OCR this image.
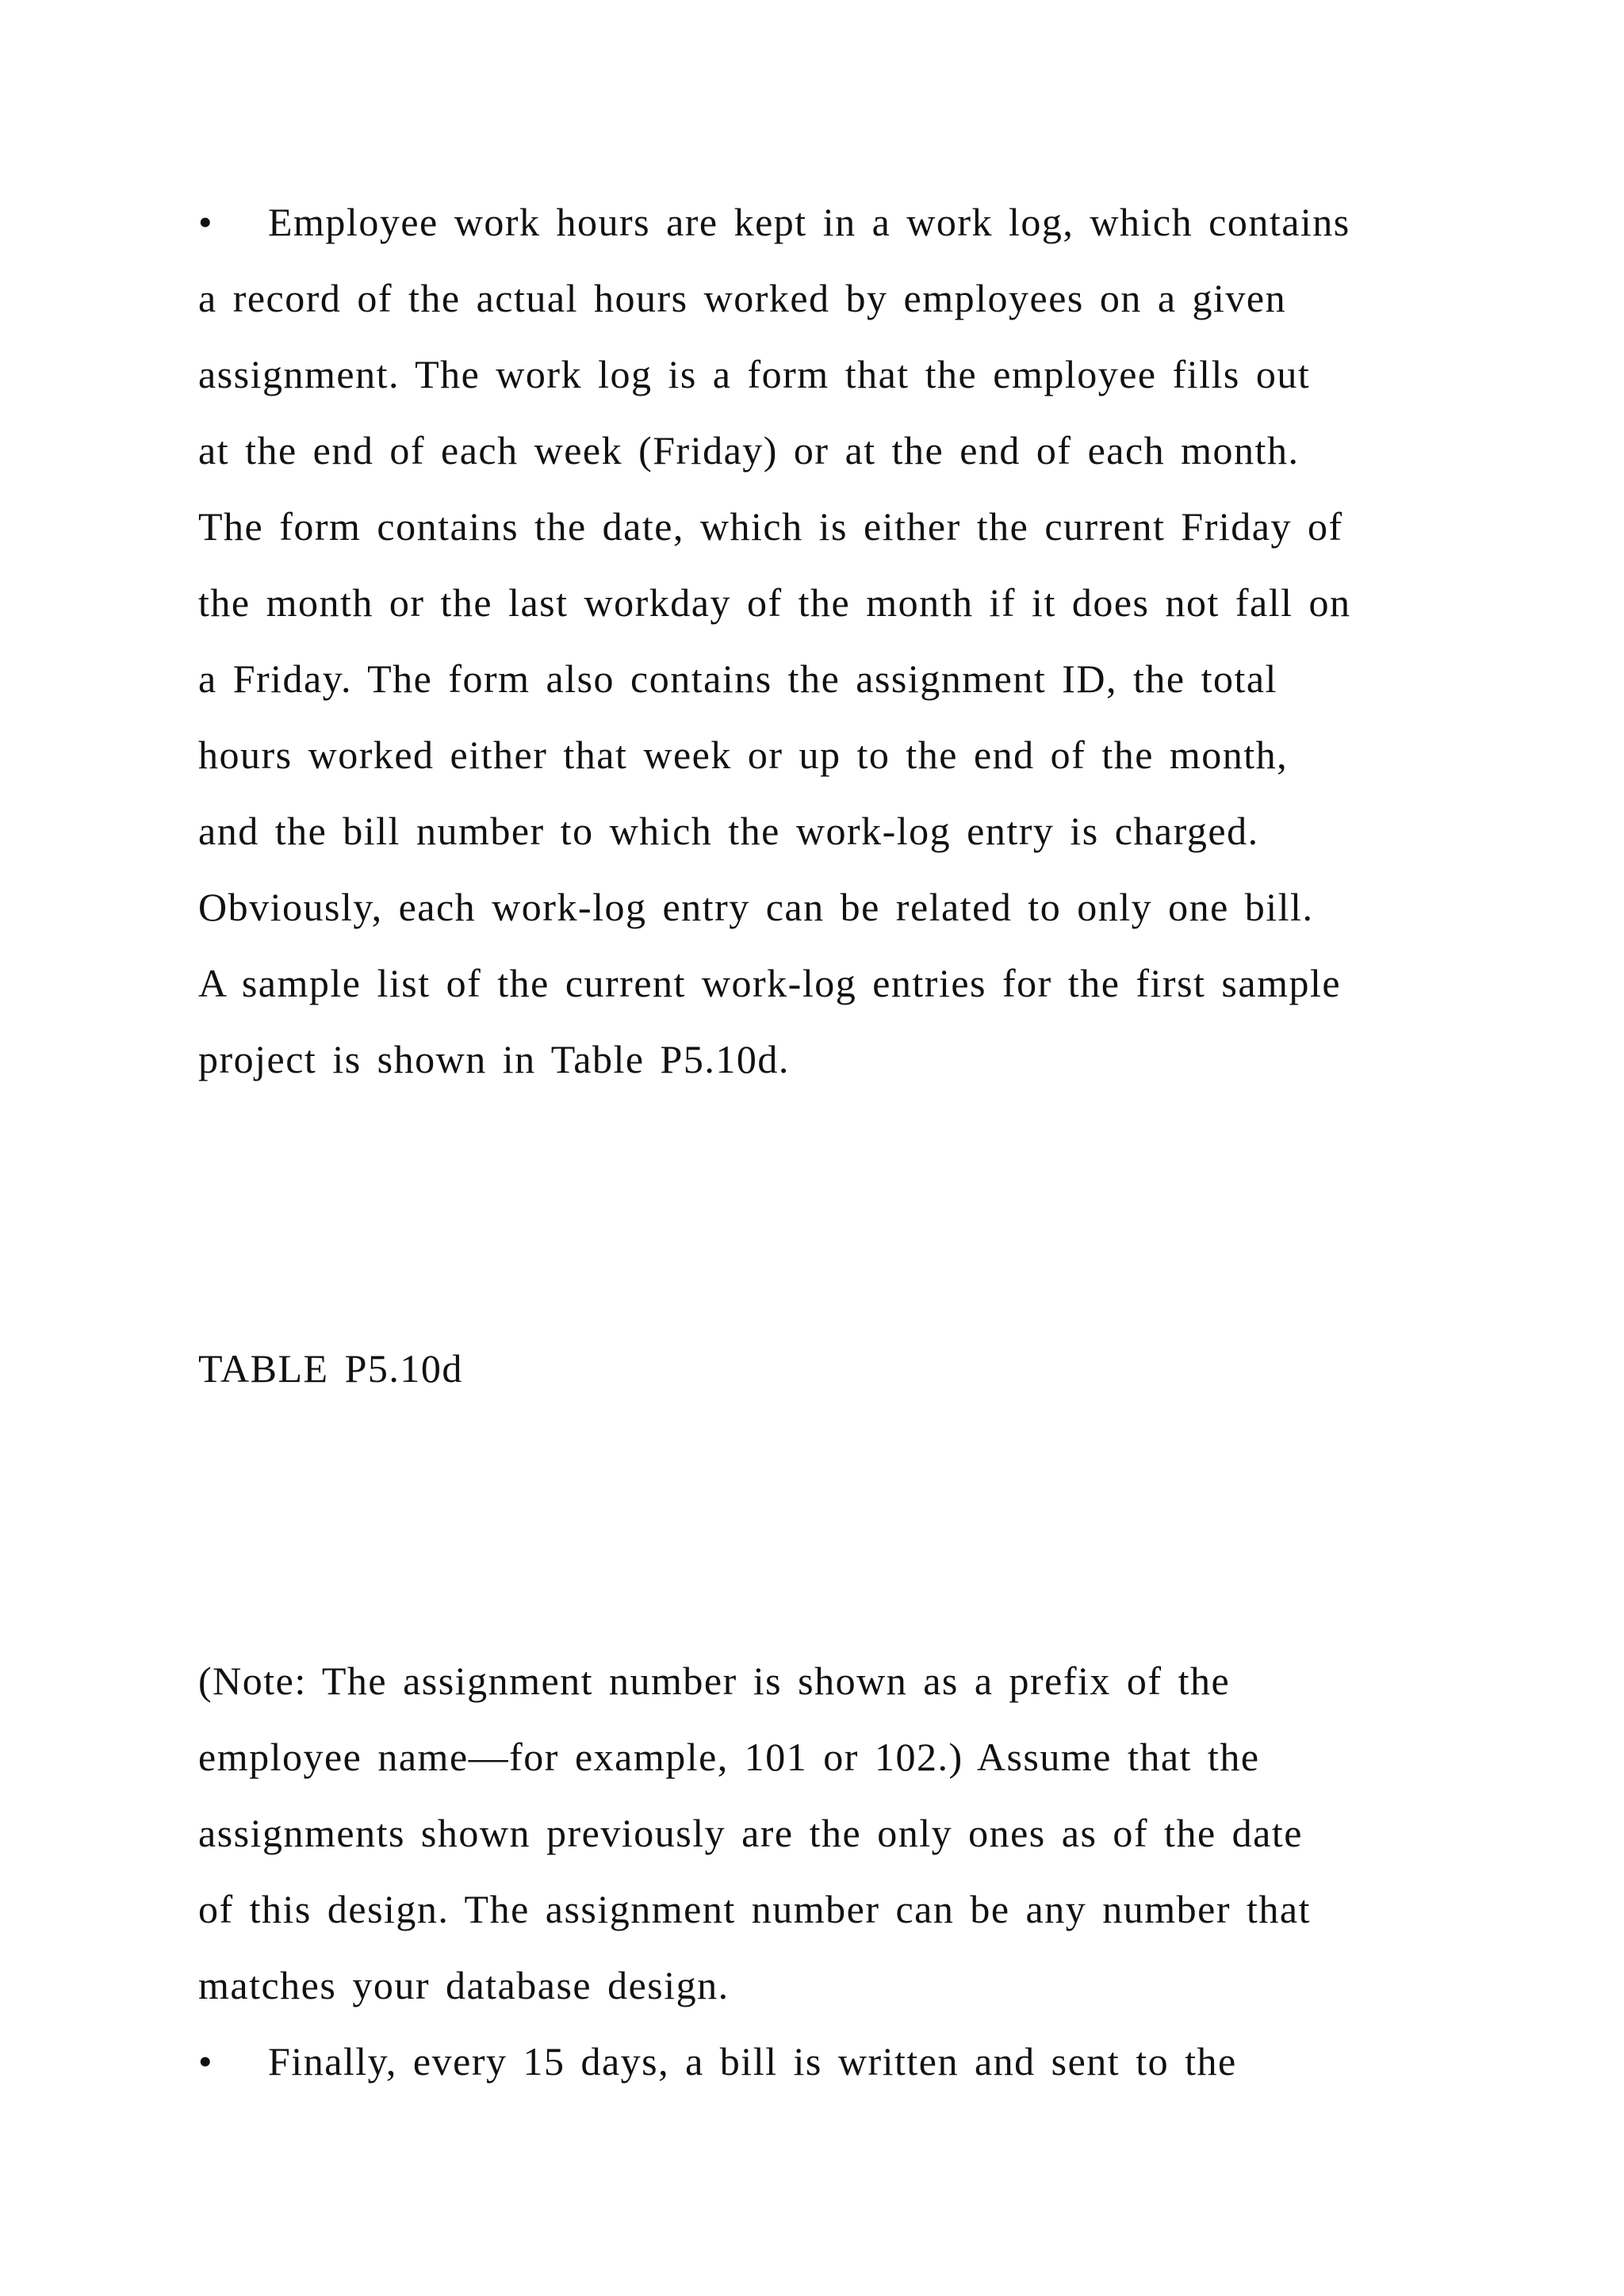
• Employee work hours are kept in a work log, which contains
a record of the actual hours worked by employees on a given
assignment. The work log is a form that the employee fills out
at the end of each week (Friday) or at the end of each month.
The form contains the date, which is either the current Friday of
the month or the last workday of the month if it does not fall on
a Friday. The form also contains the assignment ID, the total
hours worked either that week or up to the end of the month,
and the bill number to which the work-log entry is charged.
Obviously, each work-log entry can be related to only one bill.
A sample list of the current work-log entries for the first sample
project is shown in Table P5.10d.
TABLE P5.10d
(Note: The assignment number is shown as a prefix of the
employee name—for example, 101 or 102.) Assume that the
assignments shown previously are the only ones as of the date
of this design. The assignment number can be any number that
matches your database design.
• Finally, every 15 days, a bill is written and sent to the
